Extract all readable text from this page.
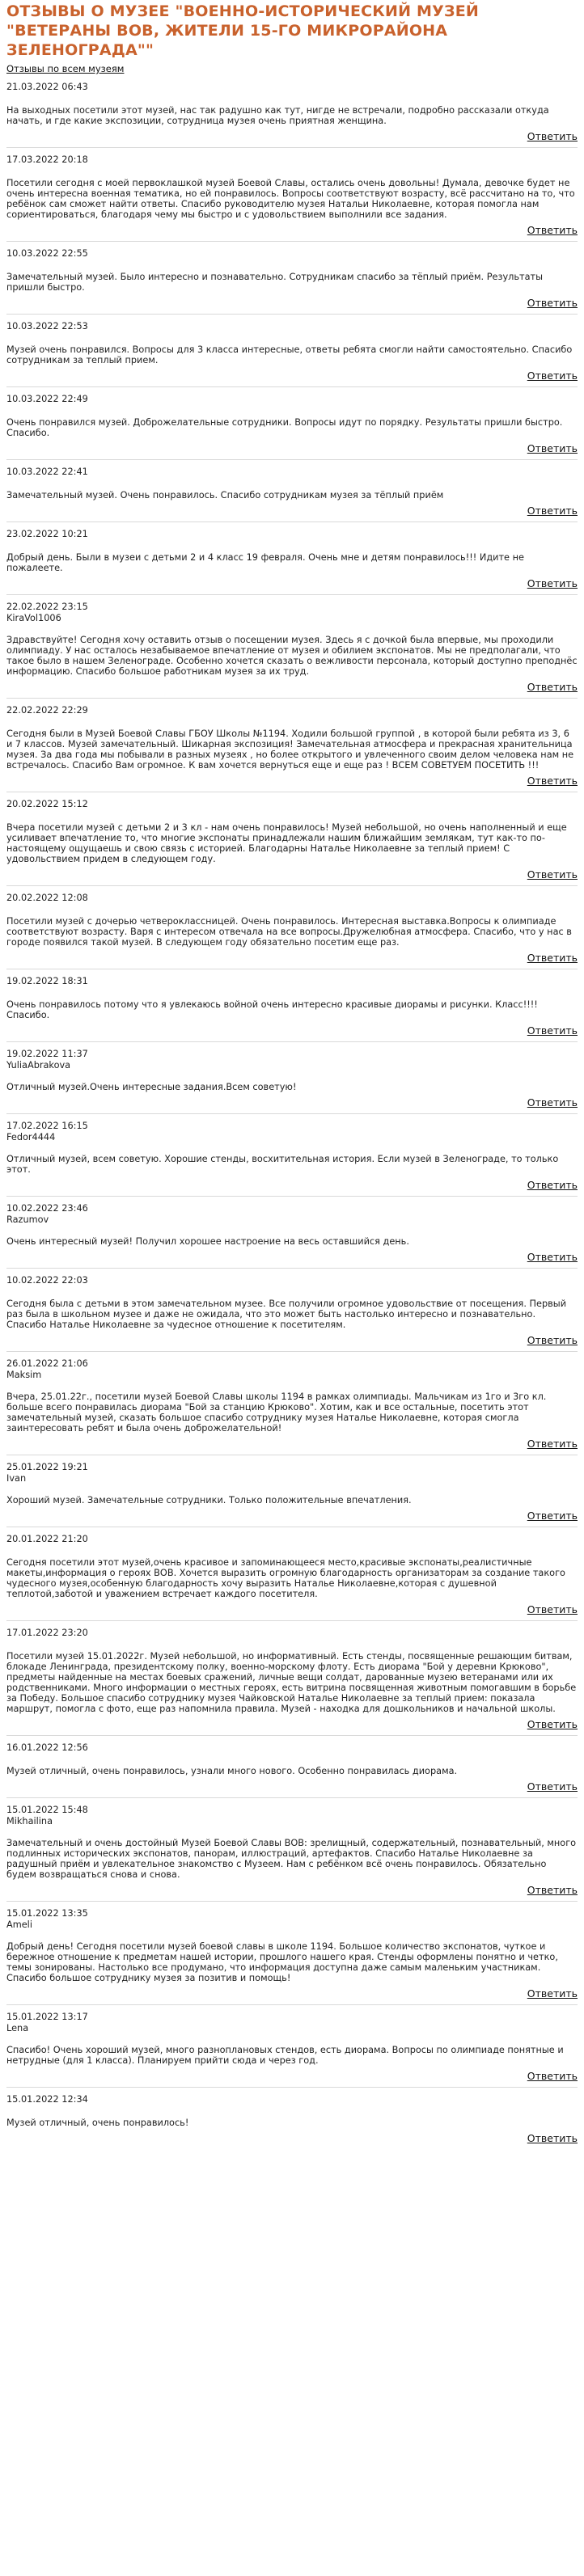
ОТЗЫВЫ О МУЗЕЕ "ВОЕННО-ИСТОРИЧЕСКИЙ МУЗЕЙ "ВЕТЕРАНЫ ВОВ, ЖИТЕЛИ 15-ГО МИКРОРАЙОНА ЗЕЛЕНОГРАДА""
Отзывы по всем музеям
21.03.2022 06:43
На выходных посетили этот музей, нас так радушно как тут, нигде не встречали, подробно рассказали откуда начать, и где какие экспозиции, сотрудница музея очень приятная женщина.
Ответить
17.03.2022 20:18
Посетили сегодня с моей первоклашкой музей Боевой Славы, остались очень довольны! Думала, девочке будет не очень интересна военная тематика, но ей понравилось. Вопросы соответствуют возрасту, всё рассчитано на то, что ребёнок сам сможет найти ответы. Спасибо руководителю музея Натальи Николаевне, которая помогла нам сориентироваться, благодаря чему мы быстро и с удовольствием выполнили все задания.
Ответить
10.03.2022 22:55
Замечательный музей. Было интересно и познавательно. Сотрудникам спасибо за тёплый приём. Результаты пришли быстро.
Ответить
10.03.2022 22:53
Музей очень понравился. Вопросы для 3 класса интересные, ответы ребята смогли найти самостоятельно. Спасибо сотрудникам за теплый прием.
Ответить
10.03.2022 22:49
Очень понравился музей. Доброжелательные сотрудники. Вопросы идут по порядку. Результаты пришли быстро. Спасибо.
Ответить
10.03.2022 22:41
Замечательный музей. Очень понравилось. Спасибо сотрудникам музея за тёплый приём
Ответить
23.02.2022 10:21
Добрый день. Были в музеи с детьми 2 и 4 класс 19 февраля. Очень мне и детям понравилось!!! Идите не пожалеете.
Ответить
22.02.2022 23:15
KiraVol1006
Здравствуйте! Сегодня хочу оставить отзыв о посещении музея. Здесь я с дочкой была впервые, мы проходили олимпиаду. У нас осталось незабываемое впечатление от музея и обилием экспонатов. Мы не предполагали, что такое было в нашем Зеленограде. Особенно хочется сказать о вежливости персонала, который доступно преподнёс информацию. Спасибо большое работникам музея за их труд.
Ответить
22.02.2022 22:29
Сегодня были в Музей Боевой Славы ГБОУ Школы №1194. Ходили большой группой , в которой были ребята из 3, 6 и 7 классов. Музей замечательный. Шикарная экспозиция! Замечательная атмосфера и прекрасная хранительница музея. За два года мы побывали в разных музеях , но более открытого и увлеченного своим делом человека нам не встречалось. Спасибо Вам огромное. К вам хочется вернуться еще и еще раз ! ВСЕМ СОВЕТУЕМ ПОСЕТИТЬ !!!
Ответить
20.02.2022 15:12
Вчера посетили музей с детьми 2 и 3 кл - нам очень понравилось! Музей небольшой, но очень наполненный и еще усиливает впечатление то, что многие экспонаты принадлежали нашим ближайшим землякам, тут как-то по-настоящему ощущаешь и свою связь с историей. Благодарны Наталье Николаевне за теплый прием! С удовольствием придем в следующем году.
Ответить
20.02.2022 12:08
Посетили музей с дочерью четвероклассницей. Очень понравилось. Интересная выставка.Вопросы к олимпиаде соответствуют возрасту. Варя с интересом отвечала на все вопросы.Дружелюбная атмосфера. Спасибо, что у нас в городе появился такой музей. В следующем году обязательно посетим еще раз.
Ответить
19.02.2022 18:31
Очень понравилось потому что я увлекаюсь войной очень интересно красивые диорамы и рисунки. Класс!!!! Спасибо.
Ответить
19.02.2022 11:37
YuliaAbrakova
Отличный музей.Очень интересные задания.Всем советую!
Ответить
17.02.2022 16:15
Fedor4444
Отличный музей, всем советую. Хорошие стенды, восхитительная история. Если музей в Зеленограде, то только этот.
Ответить
10.02.2022 23:46
Razumov
Очень интересный музей! Получил хорошее настроение на весь оставшийся день.
Ответить
10.02.2022 22:03
Сегодня была с детьми в этом замечательном музее. Все получили огромное удовольствие от посещения. Первый раз была в школьном музее и даже не ожидала, что это может быть настолько интересно и познавательно. Спасибо Наталье Николаевне за чудесное отношение к посетителям.
Ответить
26.01.2022 21:06
Maksim
Вчера, 25.01.22г., посетили музей Боевой Славы школы 1194 в рамках олимпиады. Мальчикам из 1го и 3го кл. больше всего понравилась диорама "Бой за станцию Крюково". Хотим, как и все остальные, посетить этот замечательный музей, сказать большое спасибо сотруднику музея Наталье Николаевне, которая смогла заинтересовать ребят и была очень доброжелательной!
Ответить
25.01.2022 19:21
Ivan
Хороший музей. Замечательные сотрудники. Только положительные впечатления.
Ответить
20.01.2022 21:20
Сегодня посетили этот музей,очень красивое и запоминающееся место,красивые экспонаты,реалистичные макеты,информация о героях ВОВ. Хочется выразить огромную благодарность организаторам за создание такого чудесного музея,особенную благодарность хочу выразить Наталье Николаевне,которая с душевной теплотой,заботой и уважением встречает каждого посетителя.
Ответить
17.01.2022 23:20
Посетили музей 15.01.2022г. Музей небольшой, но информативный. Есть стенды, посвященные решающим битвам, блокаде Ленинграда, президентскому полку, военно-морскому флоту. Есть диорама "Бой у деревни Крюково", предметы найденные на местах боевых сражений, личные вещи солдат, дарованные музею ветеранами или их родственниками. Много информации о местных героях, есть витрина посвященная животным помогавшим в борьбе за Победу. Большое спасибо сотруднику музея Чайковской Наталье Николаевне за теплый прием: показала маршрут, помогла с фото, еще раз напомнила правила. Музей - находка для дошкольников и начальной школы.
Ответить
16.01.2022 12:56
Музей отличный, очень понравилось, узнали много нового. Особенно понравилась диорама.
Ответить
15.01.2022 15:48
Mikhailina
Замечательный и очень достойный Музей Боевой Славы ВОВ: зрелищный, содержательный, познавательный, много подлинных исторических экспонатов, панорам, иллюстраций, артефактов. Спасибо Наталье Николаевне за радушный приём и увлекательное знакомство с Музеем. Нам с ребёнком всё очень понравилось. Обязательно будем возвращаться снова и снова.
Ответить
15.01.2022 13:35
Ameli
Добрый день! Сегодня посетили музей боевой славы в школе 1194. Большое количество экспонатов, чуткое и бережное отношение к предметам нашей истории, прошлого нашего края. Стенды оформлены понятно и четко, темы зонированы. Настолько все продумано, что информация доступна даже самым маленьким участникам. Спасибо большое сотруднику музея за позитив и помощь!
Ответить
15.01.2022 13:17
Lena
Спасибо! Очень хороший музей, много разноплановых стендов, есть диорама. Вопросы по олимпиаде понятные и нетрудные (для 1 класса). Планируем прийти сюда и через год.
Ответить
15.01.2022 12:34
Музей отличный, очень понравилось!
Ответить
